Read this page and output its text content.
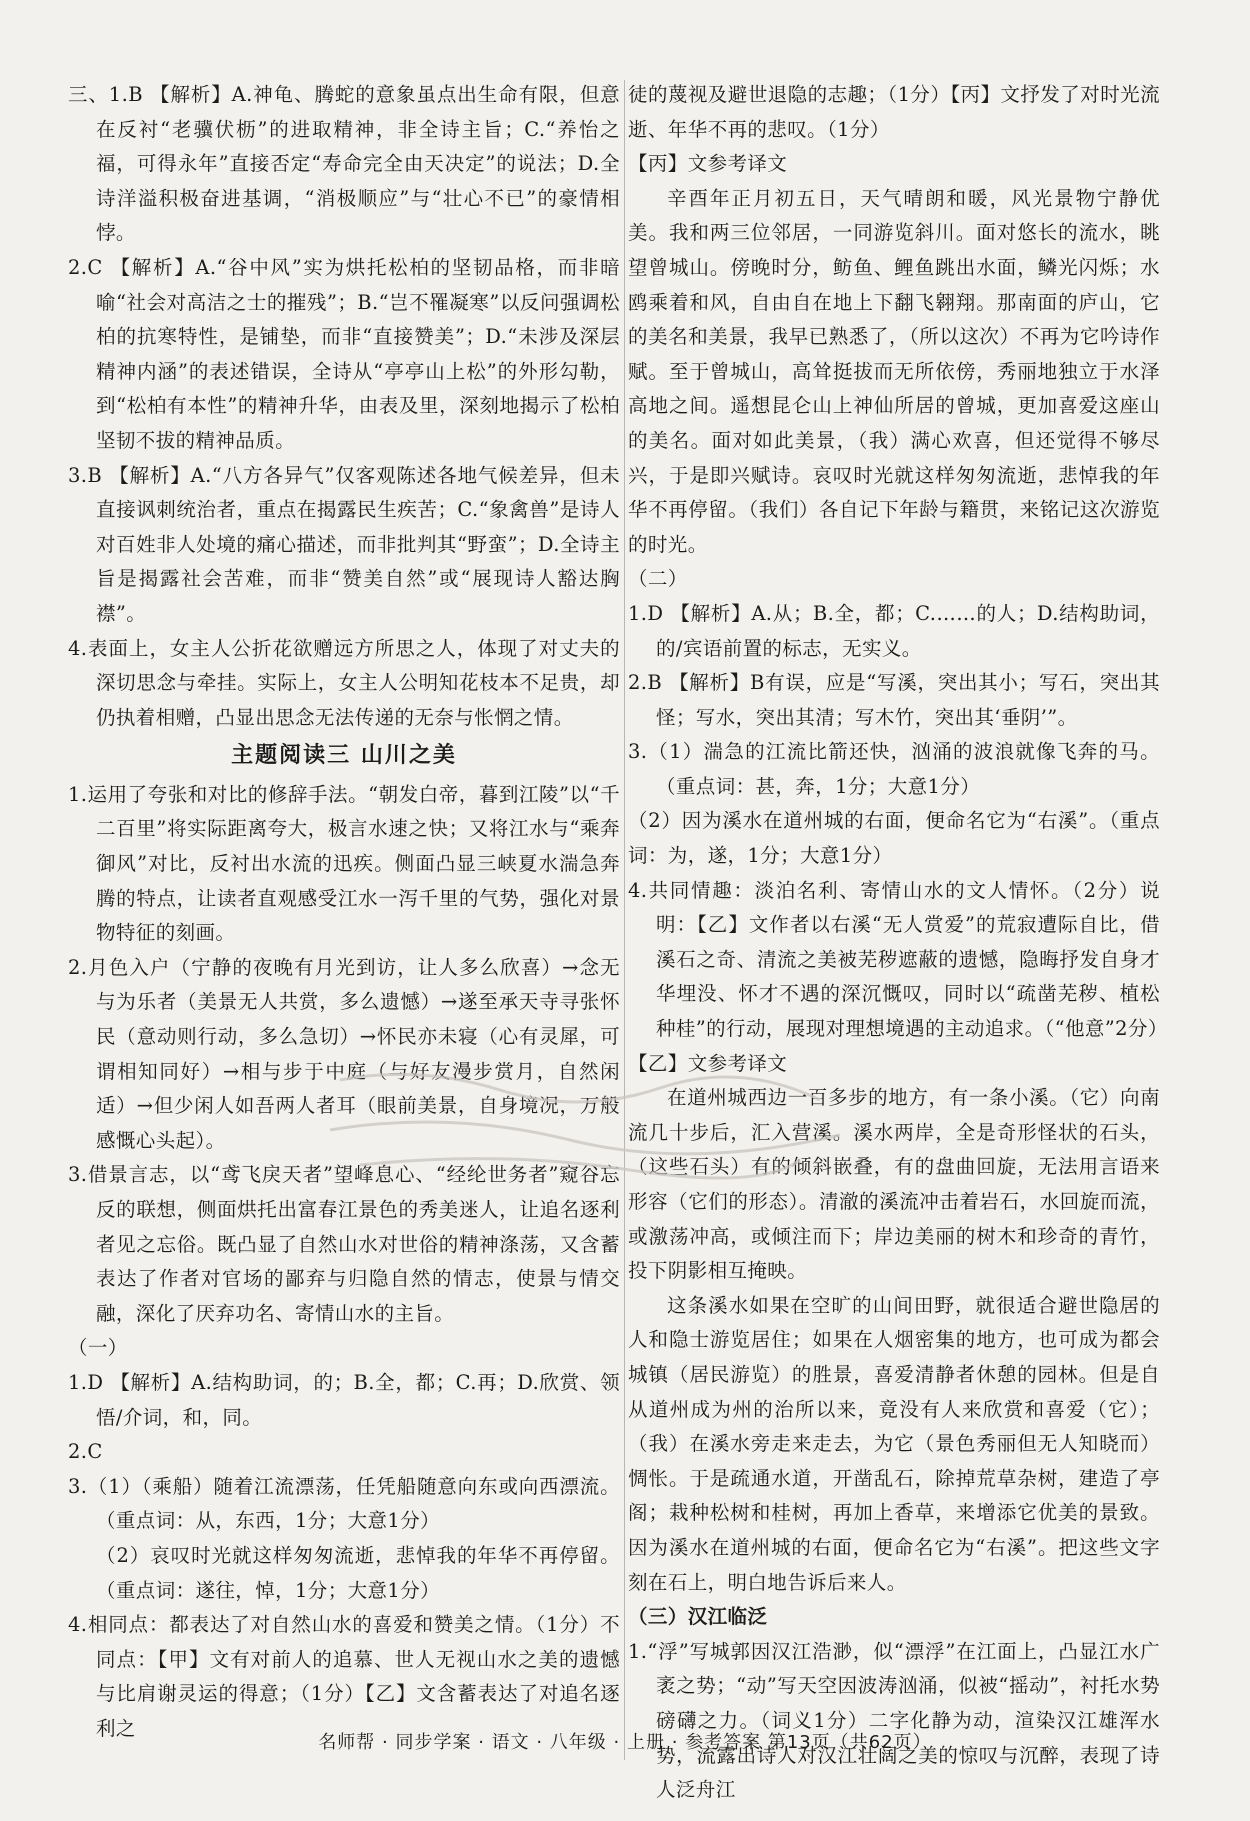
三、1.B 【解析】A.神龟、腾蛇的意象虽点出生命有限，但意在反衬“老骥伏枥”的进取精神，非全诗主旨；C.“养怡之福，可得永年”直接否定“寿命完全由天决定”的说法；D.全诗洋溢积极奋进基调，“消极顺应”与“壮心不已”的豪情相悖。

2.C 【解析】A.“谷中风”实为烘托松柏的坚韧品格，而非暗喻“社会对高洁之士的摧残”；B.“岂不罹凝寒”以反问强调松柏的抗寒特性，是铺垫，而非“直接赞美”；D.“未涉及深层精神内涵”的表述错误，全诗从“亭亭山上松”的外形勾勒，到“松柏有本性”的精神升华，由表及里，深刻地揭示了松柏坚韧不拔的精神品质。

3.B 【解析】A.“八方各异气”仅客观陈述各地气候差异，但未直接讽刺统治者，重点在揭露民生疾苦；C.“象禽兽”是诗人对百姓非人处境的痛心描述，而非批判其“野蛮”；D.全诗主旨是揭露社会苦难，而非“赞美自然”或“展现诗人豁达胸襟”。

4.表面上，女主人公折花欲赠远方所思之人，体现了对丈夫的深切思念与牵挂。实际上，女主人公明知花枝本不足贵，却仍执着相赠，凸显出思念无法传递的无奈与怅惘之情。

主题阅读三 山川之美

1.运用了夸张和对比的修辞手法。“朝发白帝，暮到江陵”以“千二百里”将实际距离夸大，极言水速之快；又将江水与“乘奔御风”对比，反衬出水流的迅疾。侧面凸显三峡夏水湍急奔腾的特点，让读者直观感受江水一泻千里的气势，强化对景物特征的刻画。

2.月色入户（宁静的夜晚有月光到访，让人多么欣喜）→念无与为乐者（美景无人共赏，多么遗憾）→遂至承天寺寻张怀民（意动则行动，多么急切）→怀民亦未寝（心有灵犀，可谓相知同好）→相与步于中庭（与好友漫步赏月，自然闲适）→但少闲人如吾两人者耳（眼前美景，自身境况，万般感慨心头起）。

3.借景言志，以“鸢飞戾天者”望峰息心、“经纶世务者”窥谷忘反的联想，侧面烘托出富春江景色的秀美迷人，让追名逐利者见之忘俗。既凸显了自然山水对世俗的精神涤荡，又含蓄表达了作者对官场的鄙弃与归隐自然的情志，使景与情交融，深化了厌弃功名、寄情山水的主旨。

（一）

1.D 【解析】A.结构助词，的；B.全，都；C.再；D.欣赏、领悟/介词，和，同。

2.C

3.（1）（乘船）随着江流漂荡，任凭船随意向东或向西漂流。（重点词：从，东西，1分；大意1分）

（2）哀叹时光就这样匆匆流逝，悲悼我的年华不再停留。（重点词：遂往，悼，1分；大意1分）

4.相同点：都表达了对自然山水的喜爱和赞美之情。（1分）不同点：【甲】文有对前人的追慕、世人无视山水之美的遗憾与比肩谢灵运的得意；（1分）【乙】文含蓄表达了对追名逐利之

徒的蔑视及避世退隐的志趣；（1分）【丙】文抒发了对时光流逝、年华不再的悲叹。（1分）

【丙】文参考译文

辛酉年正月初五日，天气晴朗和暖，风光景物宁静优美。我和两三位邻居，一同游览斜川。面对悠长的流水，眺望曾城山。傍晚时分，鲂鱼、鲤鱼跳出水面，鳞光闪烁；水鸥乘着和风，自由自在地上下翻飞翱翔。那南面的庐山，它的美名和美景，我早已熟悉了，（所以这次）不再为它吟诗作赋。至于曾城山，高耸挺拔而无所依傍，秀丽地独立于水泽高地之间。遥想昆仑山上神仙所居的曾城，更加喜爱这座山的美名。面对如此美景，（我）满心欢喜，但还觉得不够尽兴，于是即兴赋诗。哀叹时光就这样匆匆流逝，悲悼我的年华不再停留。（我们）各自记下年龄与籍贯，来铭记这次游览的时光。

（二）

1.D 【解析】A.从；B.全，都；C.……的人；D.结构助词，的/宾语前置的标志，无实义。

2.B 【解析】B有误，应是“写溪，突出其小；写石，突出其怪；写水，突出其清；写木竹，突出其‘垂阴’”。

3.（1）湍急的江流比箭还快，汹涌的波浪就像飞奔的马。（重点词：甚，奔，1分；大意1分）

（2）因为溪水在道州城的右面，便命名它为“右溪”。（重点词：为，遂，1分；大意1分）

4.共同情趣：淡泊名利、寄情山水的文人情怀。（2分）说明：【乙】文作者以右溪“无人赏爱”的荒寂遭际自比，借溪石之奇、清流之美被芜秽遮蔽的遗憾，隐晦抒发自身才华埋没、怀才不遇的深沉慨叹，同时以“疏凿芜秽、植松种桂”的行动，展现对理想境遇的主动追求。（“他意”2分）

【乙】文参考译文

在道州城西边一百多步的地方，有一条小溪。（它）向南流几十步后，汇入营溪。溪水两岸，全是奇形怪状的石头，（这些石头）有的倾斜嵌叠，有的盘曲回旋，无法用言语来形容（它们的形态）。清澈的溪流冲击着岩石，水回旋而流，或激荡冲高，或倾注而下；岸边美丽的树木和珍奇的青竹，投下阴影相互掩映。

这条溪水如果在空旷的山间田野，就很适合避世隐居的人和隐士游览居住；如果在人烟密集的地方，也可成为都会城镇（居民游览）的胜景，喜爱清静者休憩的园林。但是自从道州成为州的治所以来，竟没有人来欣赏和喜爱（它）；（我）在溪水旁走来走去，为它（景色秀丽但无人知晓而）惆怅。于是疏通水道，开凿乱石，除掉荒草杂树，建造了亭阁；栽种松树和桂树，再加上香草，来增添它优美的景致。因为溪水在道州城的右面，便命名它为“右溪”。把这些文字刻在石上，明白地告诉后来人。

（三）汉江临泛

1.“浮”写城郭因汉江浩渺，似“漂浮”在江面上，凸显江水广袤之势；“动”写天空因波涛汹涌，似被“摇动”，衬托水势磅礴之力。（词义1分）二字化静为动，渲染汉江雄浑水势，流露出诗人对汉江壮阔之美的惊叹与沉醉，表现了诗人泛舟江

名师帮 · 同步学案 · 语文 · 八年级 · 上册 · 参考答案 第13页（共62页）
